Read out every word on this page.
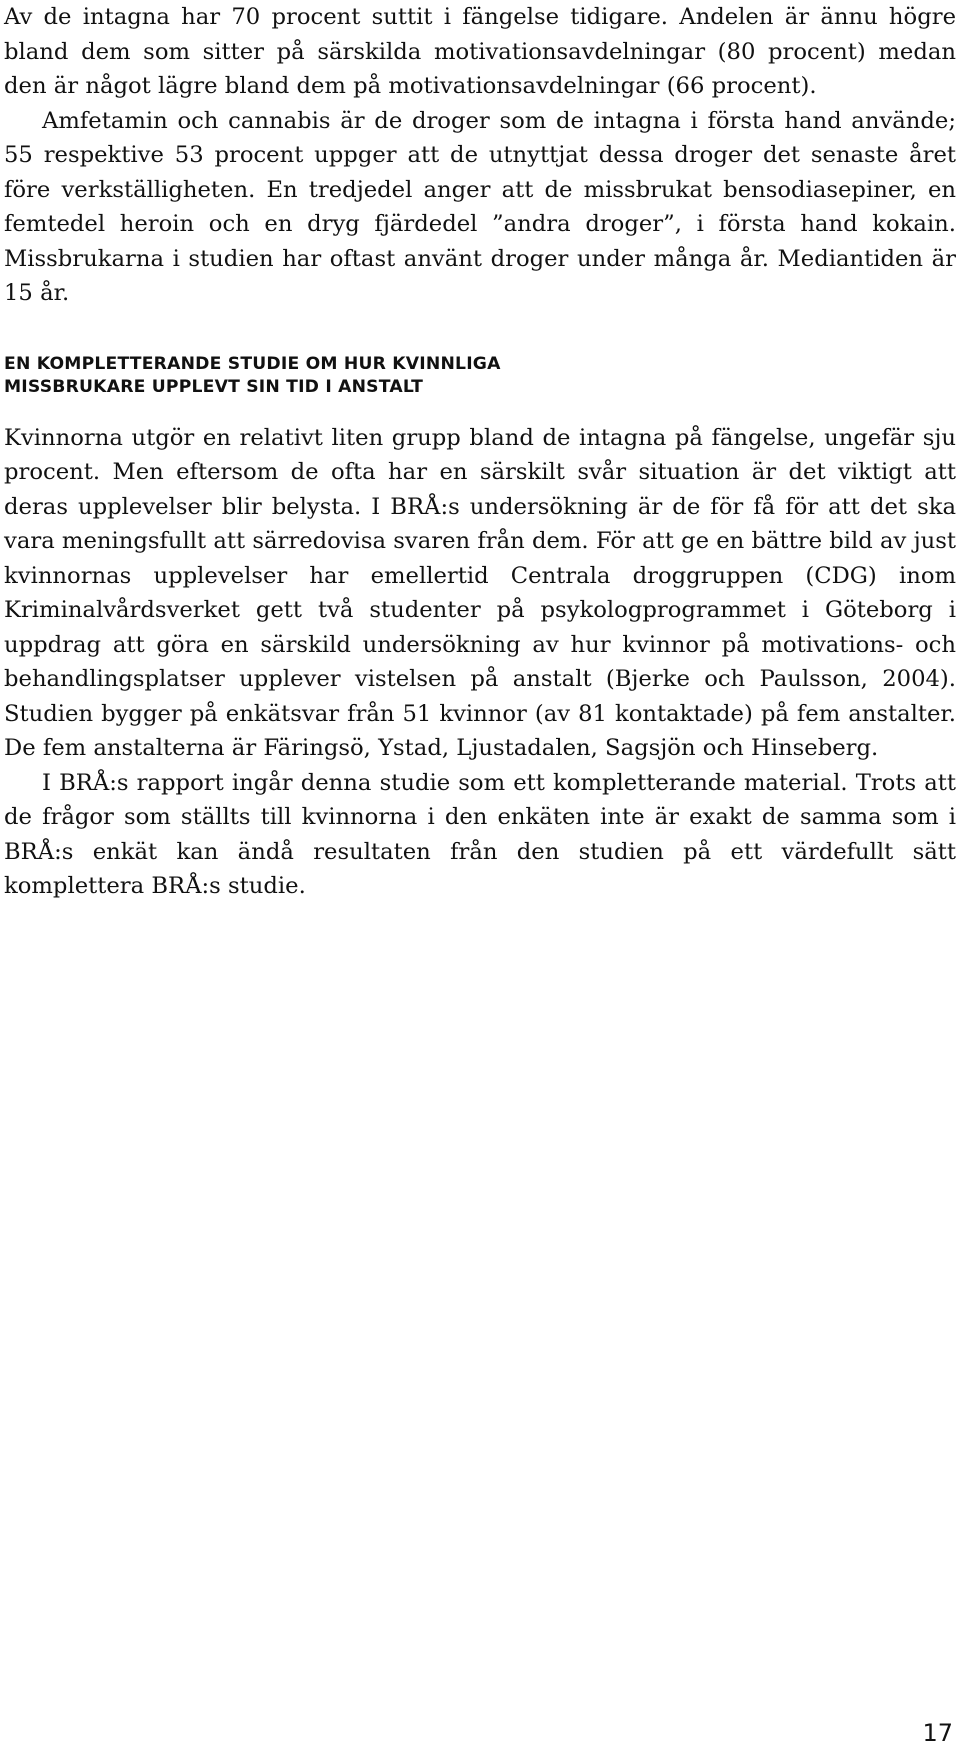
Av de intagna har 70 procent suttit i fängelse tidigare. Andelen är ännu högre bland dem som sitter på särskilda motivationsavdelningar (80 procent) medan den är något lägre bland dem på motivationsavdelningar (66 procent).

Amfetamin och cannabis är de droger som de intagna i första hand använde; 55 respektive 53 procent uppger att de utnyttjat dessa droger det senaste året före verkställigheten. En tredjedel anger att de missbrukat bensodiasepiner, en femtedel heroin och en dryg fjärdedel ”andra droger”, i första hand kokain. Missbrukarna i studien har oftast använt droger under många år. Mediantiden är 15 år.

EN KOMPLETTERANDE STUDIE OM HUR KVINNLIGA
MISSBRUKARE UPPLEVT SIN TID I ANSTALT

Kvinnorna utgör en relativt liten grupp bland de intagna på fängelse, ungefär sju procent. Men eftersom de ofta har en särskilt svår situation är det viktigt att deras upplevelser blir belysta. I BRÅ:s undersökning är de för få för att det ska vara meningsfullt att särredovisa svaren från dem. För att ge en bättre bild av just kvinnornas upplevelser har emellertid Centrala droggruppen (CDG) inom Kriminalvårdsverket gett två studenter på psykologprogrammet i Göteborg i uppdrag att göra en särskild undersökning av hur kvinnor på motivations- och behandlingsplatser upplever vistelsen på anstalt (Bjerke och Paulsson, 2004). Studien bygger på enkätsvar från 51 kvinnor (av 81 kontaktade) på fem anstalter. De fem anstalterna är Färingsö, Ystad, Ljustadalen, Sagsjön och Hinseberg.

I BRÅ:s rapport ingår denna studie som ett kompletterande material. Trots att de frågor som ställts till kvinnorna i den enkäten inte är exakt de samma som i BRÅ:s enkät kan ändå resultaten från den studien på ett värdefullt sätt komplettera BRÅ:s studie.

17
